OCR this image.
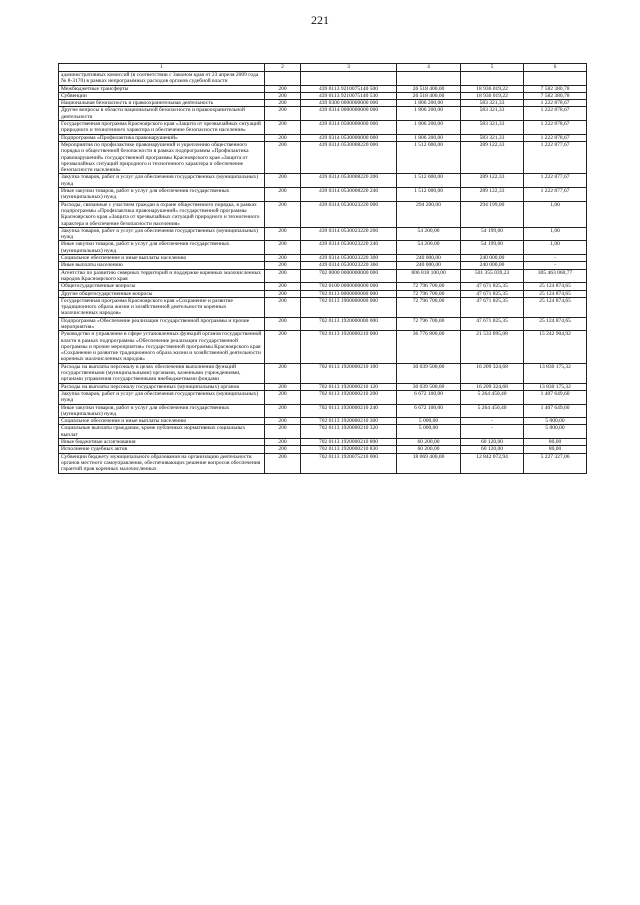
221
1	2	3	4	5	6
административных комиссий (в соответствии с Законом края от 23 апреля 2009 года № 8-3170) в рамках непрограммных расходов органов судебной власти					
Межбюджетные трансферты	200	439 0113 9210075140 500	26 518 400,00	18 936 019,22	7 582 380,78
Субвенции	200	439 0113 9210075140 530	26 518 400,00	18 936 019,22	7 582 380,78
Национальная безопасность и правоохранительная деятельность	200	439 0300 0000000000 000	1 806 200,00	583 321,33	1 222 878,67
Другие вопросы в области национальной безопасности и правоохранительной деятельности	200	439 0314 0000000000 000	1 806 200,00	583 321,33	1 222 878,67
Государственная программа Красноярского края «Защита от чрезвычайных ситуаций природного и техногенного характера и обеспечение безопасности населения»	200	439 0314 0500000000 000	1 806 200,00	583 321,33	1 222 878,67
Подпрограмма «Профилактика правонарушений»	200	439 0314 0530000000 000	1 806 200,00	583 321,33	1 222 878,67
Мероприятия по профилактике правонарушений и укреплению общественного порядка и общественной безопасности в рамках подпрограммы «Профилактика правонарушений» государственной программы Красноярского края «Защита от чрезвычайных ситуаций природного и техногенного характера и обеспечение безопасности населения»	200	439 0314 0530008220 000	1 512 000,00	289 122,33	1 222 877,67
Закупка товаров, работ и услуг для обеспечения государственных (муниципальных) нужд	200	439 0314 0530008220 200	1 512 000,00	289 122,33	1 222 877,67
Иные закупки товаров, работ и услуг для обеспечения государственных (муниципальных) нужд	200	439 0314 0530008220 240	1 512 000,00	289 122,33	1 222 877,67
Расходы, связанные с участием граждан в охране общественного порядка, в рамках подпрограммы «Профилактика правонарушений» государственной программы Красноярского края «Защита от чрезвычайных ситуаций природного и техногенного характера и обеспечение безопасности населения»	200	439 0314 0530023220 000	294 200,00	294 199,00	1,00
Закупка товаров, работ и услуг для обеспечения государственных (муниципальных) нужд	200	439 0314 0530023220 200	54 200,00	54 199,00	1,00
Иные закупки товаров, работ и услуг для обеспечения государственных (муниципальных) нужд	200	439 0314 0530023220 240	54 200,00	54 199,00	1,00
Социальное обеспечение и иные выплаты населению	200	439 0314 0530023220 300	240 000,00	240 000,00	-
Иные выплаты населению	200	439 0314 0530023220 360	240 000,00	240 000,00	-
Агентство по развитию северных территорий и поддержке коренных малочисленных народов Красноярского края	200	702 0000 0000000000 000	806 818 100,00	501 355 039,23	305 463 060,77
Общегосударственные вопросы	200	702 0100 0000000000 000	72 796 700,00	47 671 825,35	25 124 874,65
Другие общегосударственные вопросы	200	702 0113 0000000000 000	72 796 700,00	47 671 825,35	25 124 874,65
Государственная программа Красноярского края «Сохранение и развитие традиционного образа жизни и хозяйственной деятельности коренных малочисленных народов»	200	702 0113 1900000000 000	72 796 700,00	47 671 825,35	25 124 874,65
Подпрограмма «Обеспечение реализации государственной программы и прочие мероприятия»	200	702 0113 1920000000 000	72 796 700,00	47 671 825,35	25 124 874,65
Руководство и управление в сфере установленных функций органов государственной власти в рамках подпрограммы «Обеспечение реализации государственной программы и прочие мероприятия» государственной программы Красноярского края «Сохранение и развитие традиционного образа жизни и хозяйственной деятельности коренных малочисленных народов»	200	702 0113 1920000210 000	36 776 800,00	21 533 895,08	15 242 904,92
Расходы на выплаты персоналу в целях обеспечения выполнения функций государственными (муниципальными) органами, казенными учреждениями, органами управления государственными внебюджетными фондами	200	702 0113 1920000210 100	30 039 500,00	16 209 324,68	13 830 175,32
Расходы на выплаты персоналу государственных (муниципальных) органов	200	702 0113 1920000210 120	30 039 500,00	16 209 324,68	13 830 175,32
Закупка товаров, работ и услуг для обеспечения государственных (муниципальных) нужд	200	702 0113 1920000210 200	6 672 100,00	5 264 450,40	1 407 649,60
Иные закупки товаров, работ и услуг для обеспечения государственных (муниципальных) нужд	200	702 0113 1920000210 240	6 672 100,00	5 264 450,40	1 407 649,60
Социальное обеспечение и иные выплаты населению	200	702 0113 1920000210 300	5 000,00	-	5 000,00
Социальные выплаты гражданам, кроме публичных нормативных социальных выплат	200	702 0113 1920000210 320	5 000,00	-	5 000,00
Иные бюджетные ассигнования	200	702 0113 1920000210 800	60 200,00	60 120,00	80,00
Исполнение судебных актов	200	702 0113 1920000210 830	60 200,00	60 120,00	80,00
Субвенции бюджету муниципального образования на организацию деятельности органов местного самоуправления, обеспечивающих решение вопросов обеспечения гарантий прав коренных малочисленных	200	702 0113 1920075210 000	18 069 400,00	12 842 072,94	5 227 327,06
